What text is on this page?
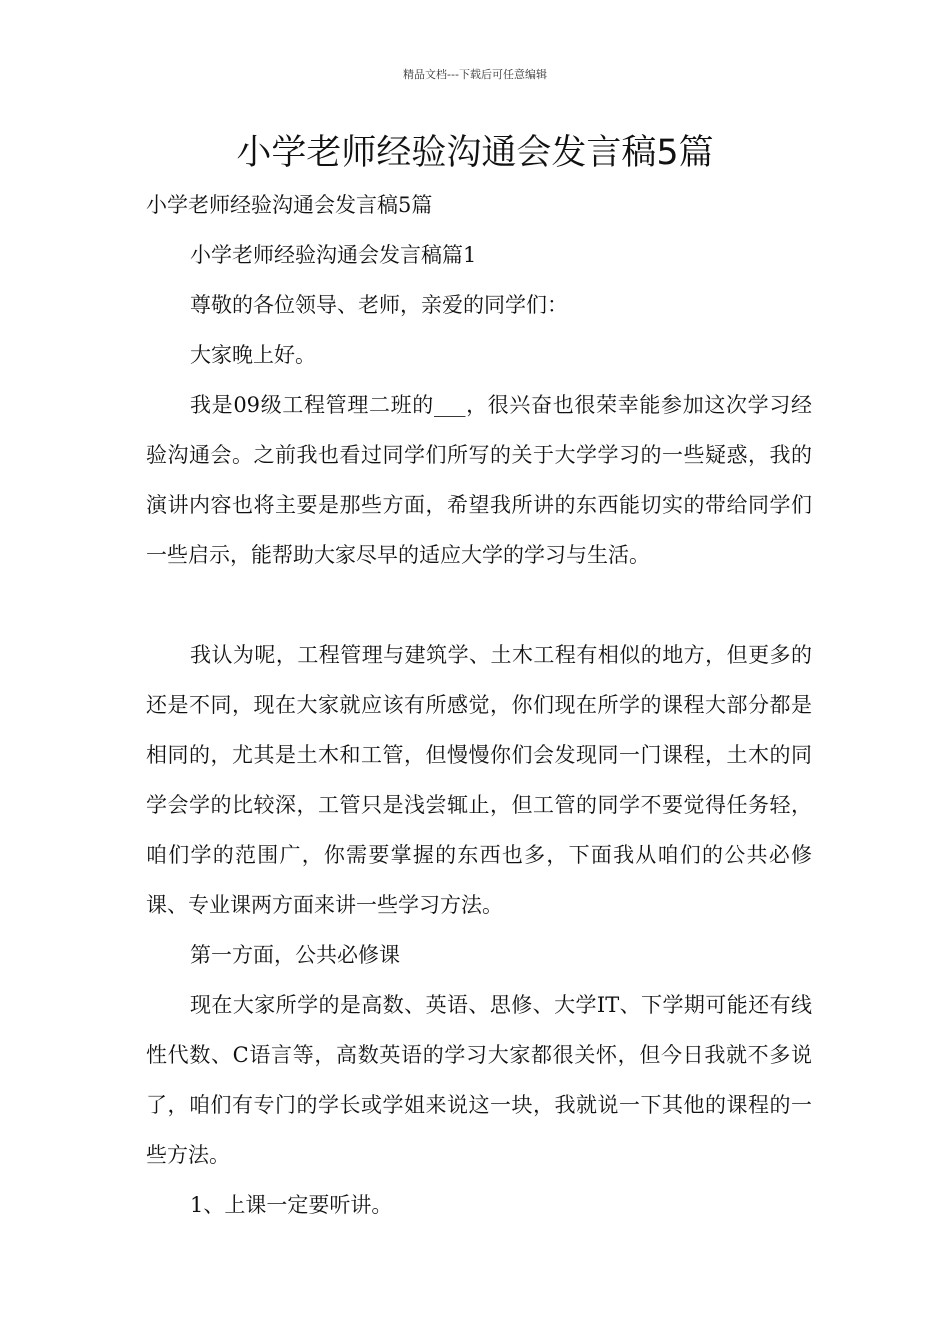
精品文档---下载后可任意编辑
小学老师经验沟通会发言稿5篇

小学老师经验沟通会发言稿5篇

小学老师经验沟通会发言稿篇1

尊敬的各位领导、老师，亲爱的同学们：

大家晚上好。

我是09级工程管理二班的___，很兴奋也很荣幸能参加这次学习经验沟通会。之前我也看过同学们所写的关于大学学习的一些疑惑，我的演讲内容也将主要是那些方面，希望我所讲的东西能切实的带给同学们一些启示，能帮助大家尽早的适应大学的学习与生活。

我认为呢，工程管理与建筑学、土木工程有相似的地方，但更多的还是不同，现在大家就应该有所感觉，你们现在所学的课程大部分都是相同的，尤其是土木和工管，但慢慢你们会发现同一门课程，土木的同学会学的比较深，工管只是浅尝辄止，但工管的同学不要觉得任务轻，咱们学的范围广，你需要掌握的东西也多，下面我从咱们的公共必修课、专业课两方面来讲一些学习方法。

第一方面，公共必修课

现在大家所学的是高数、英语、思修、大学IT、下学期可能还有线性代数、C语言等，高数英语的学习大家都很关怀，但今日我就不多说了，咱们有专门的学长或学姐来说这一块，我就说一下其他的课程的一些方法。

1、上课一定要听讲。
